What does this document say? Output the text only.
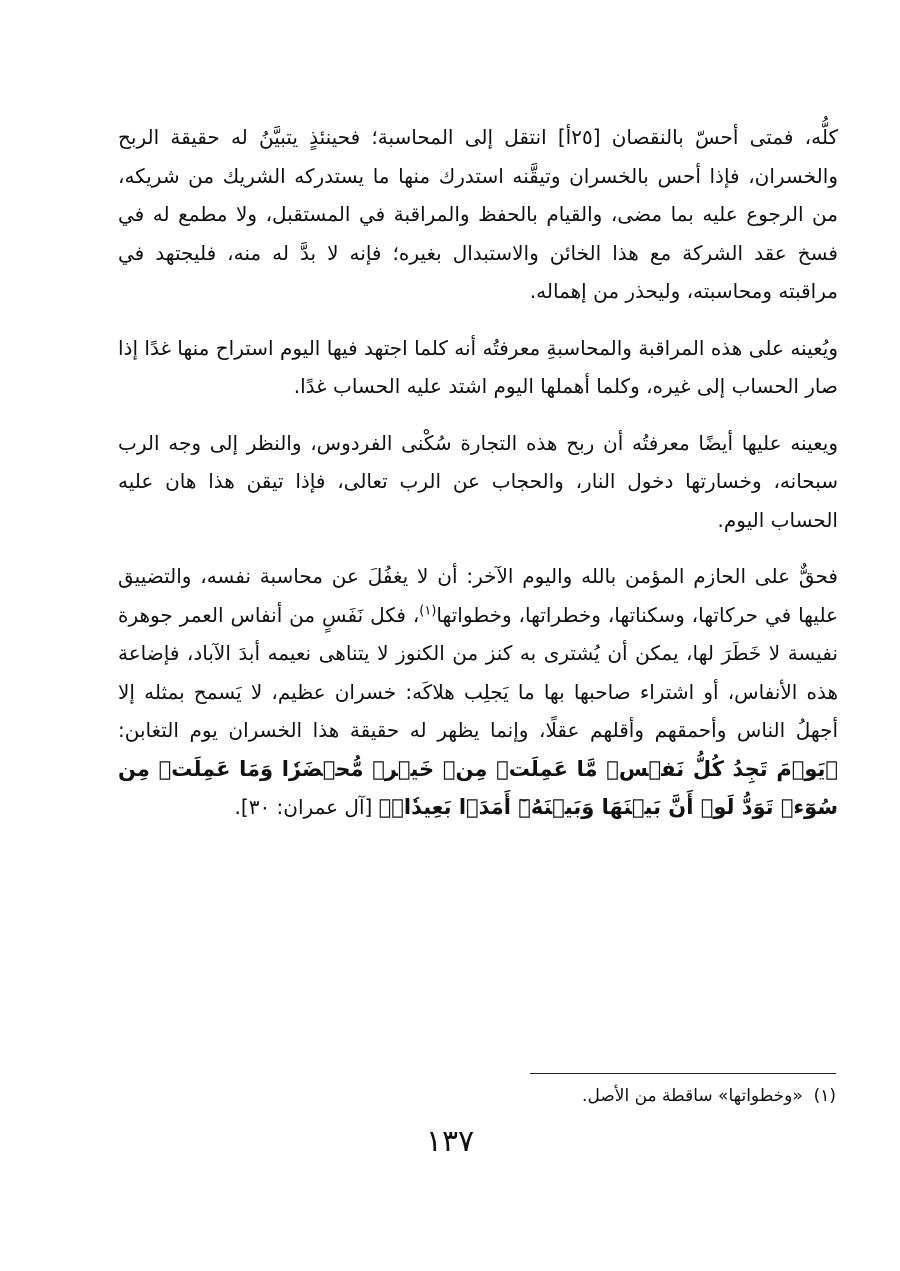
كلُّه، فمتى أحسّ بالنقصان [٢٥أ] انتقل إلى المحاسبة؛ فحينئذٍ يتبيَّنُ له حقيقة الربح والخسران، فإذا أحس بالخسران وتيقَّنه استدرك منها ما يستدركه الشريك من شريكه، من الرجوع عليه بما مضى، والقيام بالحفظ والمراقبة في المستقبل، ولا مطمع له في فسخ عقد الشركة مع هذا الخائن والاستبدال بغيره؛ فإنه لا بدَّ له منه، فليجتهد في مراقبته ومحاسبته، وليحذر من إهماله.

ويُعينه على هذه المراقبة والمحاسبةِ معرفتُه أنه كلما اجتهد فيها اليوم استراح منها غدًا إذا صار الحساب إلى غيره، وكلما أهملها اليوم اشتد عليه الحساب غدًا.

ويعينه عليها أيضًا معرفتُه أن ربح هذه التجارة سُكْنى الفردوس، والنظر إلى وجه الرب سبحانه، وخسارتها دخول النار، والحجاب عن الرب تعالى، فإذا تيقن هذا هان عليه الحساب اليوم.

فحقٌّ على الحازم المؤمن بالله واليوم الآخر: أن لا يغفُلَ عن محاسبة نفسه، والتضييق عليها في حركاتها، وسكناتها، وخطراتها، وخطواتها$^{(١)}$، فكل نَفَسٍ من أنفاس العمر جوهرة نفيسة لا خَطَرَ لها، يمكن أن يُشترى به كنز من الكنوز لا يتناهى نعيمه أبدَ الآباد، فإضاعة هذه الأنفاس، أو اشتراء صاحبها بها ما يَجلِب هلاكَه: خسران عظيم، لا يَسمح بمثله إلا أجهلُ الناس وأحمقهم وأقلهم عقلًا، وإنما يظهر له حقيقة هذا الخسران يوم التغابن: ﴿يَوۡمَ تَجِدُ كُلُّ نَفۡسٖ مَّا عَمِلَتۡ مِنۡ خَيۡرٖ مُّحۡضَرٗا وَمَا عَمِلَتۡ مِن سُوٓءٖ تَوَدُّ لَوۡ أَنَّ بَيۡنَهَا وَبَيۡنَهُۥٓ أَمَدَۢا بَعِيدٗاۗ﴾ [آل عمران: ٣٠].

(١)  «وخطواتها» ساقطة من الأصل.

١٣٧
